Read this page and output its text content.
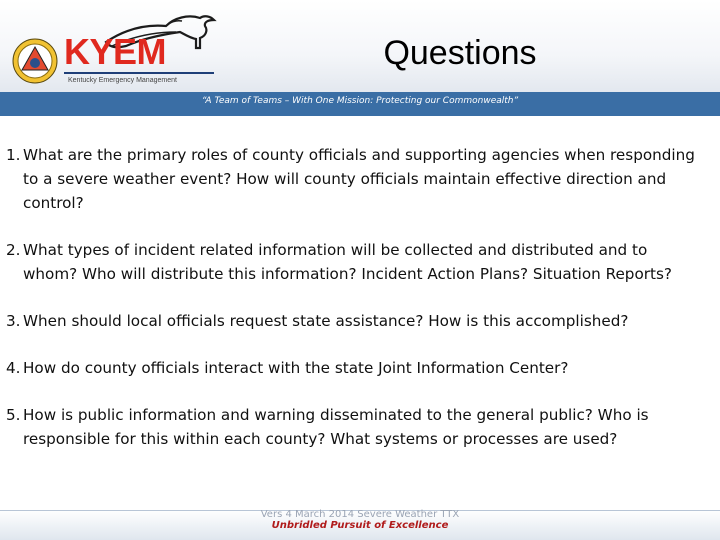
KYEM
Kentucky Emergency Management
Questions
“A Team of Teams – With One Mission: Protecting our Commonwealth”

1. What are the primary roles of county officials and supporting agencies when responding to a severe weather event? How will county officials maintain effective direction and control?

2. What types of incident related information will be collected and distributed and to whom? Who will distribute this information? Incident Action Plans? Situation Reports?

3. When should local officials request state assistance? How is this accomplished?

4. How do county officials interact with the state Joint Information Center?

5. How is public information and warning disseminated to the general public? Who is responsible for this within each county? What systems or processes are used?

Vers 4 March 2014 Severe Weather TTX
Unbridled Pursuit of Excellence
